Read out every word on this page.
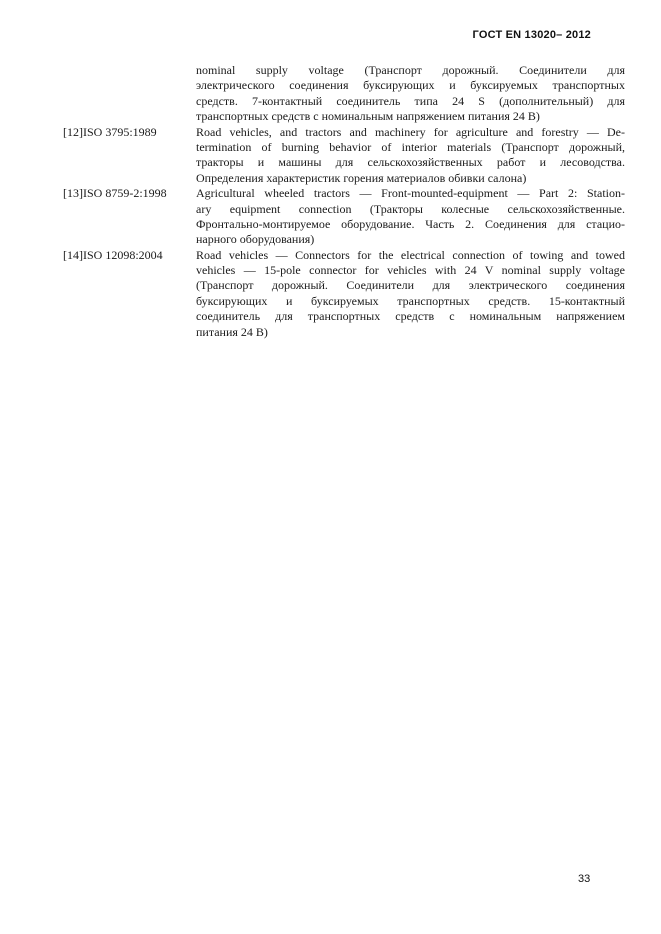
ГОСТ EN 13020– 2012
nominal supply voltage (Транспорт дорожный. Соединители для
электрического соединения буксирующих и буксируемых транспортных
средств. 7-контактный соединитель типа 24 S (дополнительный) для
транспортных средств с номинальным напряжением питания 24 В)
[12]ISO 3795:1989	Road vehicles, and tractors and machinery for agriculture and forestry — De-
termination of burning behavior of interior materials (Транспорт дорожный,
тракторы и машины для сельскохозяйственных работ и лесоводства.
Определения характеристик горения материалов обивки салона)
[13]ISO 8759-2:1998	Agricultural wheeled tractors — Front-mounted-equipment — Part 2: Station-
ary equipment connection (Тракторы колесные сельскохозяйственные.
Фронтально-монтируемое оборудование. Часть 2. Соединения для стацио-
нарного оборудования)
[14]ISO 12098:2004	Road vehicles — Connectors for the electrical connection of towing and towed
vehicles — 15-pole connector for vehicles with 24 V nominal supply voltage
(Транспорт дорожный. Соединители для электрического соединения
буксирующих и буксируемых транспортных средств. 15-контактный
соединитель для транспортных средств с номинальным напряжением
питания 24 В)
33
